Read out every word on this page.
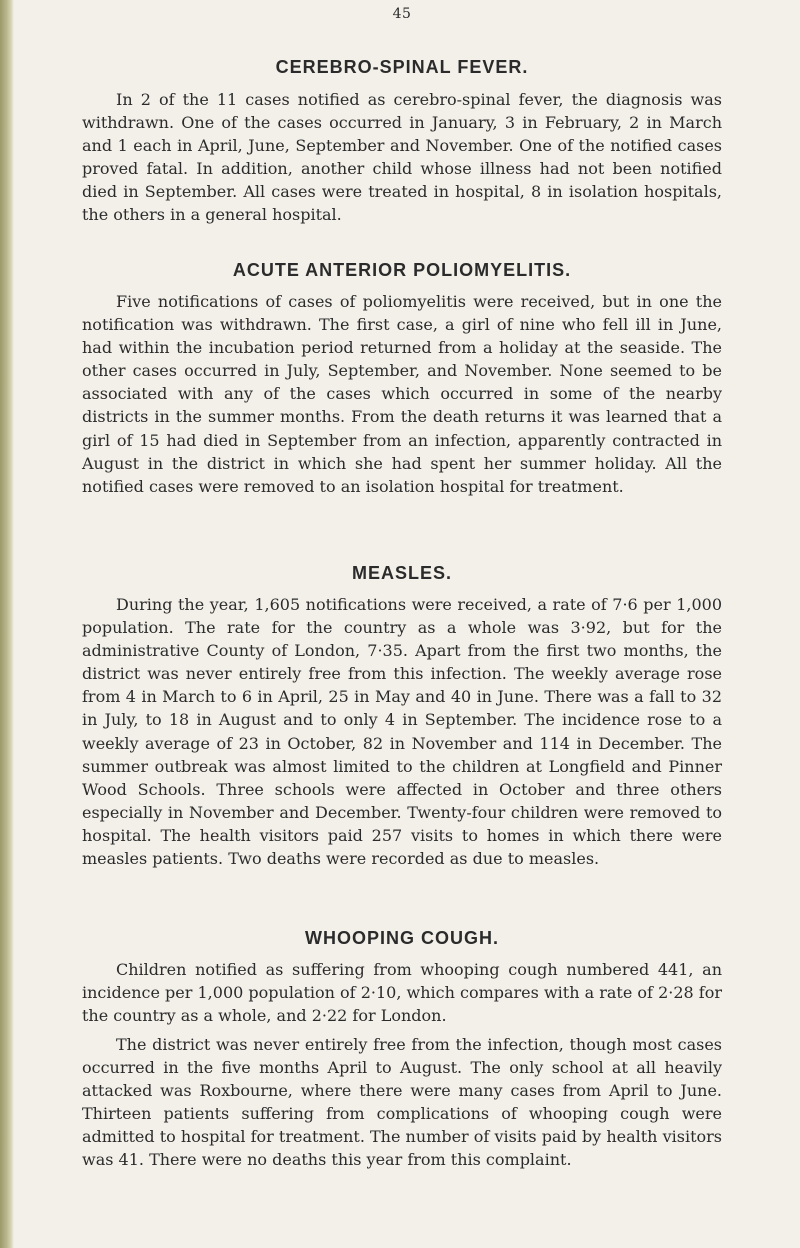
45
CEREBRO-SPINAL FEVER.

In 2 of the 11 cases notified as cerebro-spinal fever, the diagnosis was withdrawn. One of the cases occurred in January, 3 in February, 2 in March and 1 each in April, June, September and November. One of the notified cases proved fatal. In addition, another child whose illness had not been notified died in September. All cases were treated in hospital, 8 in isolation hospitals, the others in a general hospital.

ACUTE ANTERIOR POLIOMYELITIS.

Five notifications of cases of poliomyelitis were received, but in one the notification was withdrawn. The first case, a girl of nine who fell ill in June, had within the incubation period returned from a holiday at the seaside. The other cases occurred in July, September, and November. None seemed to be associated with any of the cases which occurred in some of the nearby districts in the summer months. From the death returns it was learned that a girl of 15 had died in September from an infection, apparently contracted in August in the district in which she had spent her summer holiday. All the notified cases were removed to an isolation hospital for treatment.

MEASLES.

During the year, 1,605 notifications were received, a rate of 7·6 per 1,000 population. The rate for the country as a whole was 3·92, but for the administrative County of London, 7·35. Apart from the first two months, the district was never entirely free from this infection. The weekly average rose from 4 in March to 6 in April, 25 in May and 40 in June. There was a fall to 32 in July, to 18 in August and to only 4 in September. The incidence rose to a weekly average of 23 in October, 82 in November and 114 in December. The summer outbreak was almost limited to the children at Longfield and Pinner Wood Schools. Three schools were affected in October and three others especially in November and December. Twenty-four children were removed to hospital. The health visitors paid 257 visits to homes in which there were measles patients. Two deaths were recorded as due to measles.

WHOOPING COUGH.

Children notified as suffering from whooping cough numbered 441, an incidence per 1,000 population of 2·10, which compares with a rate of 2·28 for the country as a whole, and 2·22 for London.

The district was never entirely free from the infection, though most cases occurred in the five months April to August. The only school at all heavily attacked was Roxbourne, where there were many cases from April to June. Thirteen patients suffering from complications of whooping cough were admitted to hospital for treatment. The number of visits paid by health visitors was 41. There were no deaths this year from this complaint.
